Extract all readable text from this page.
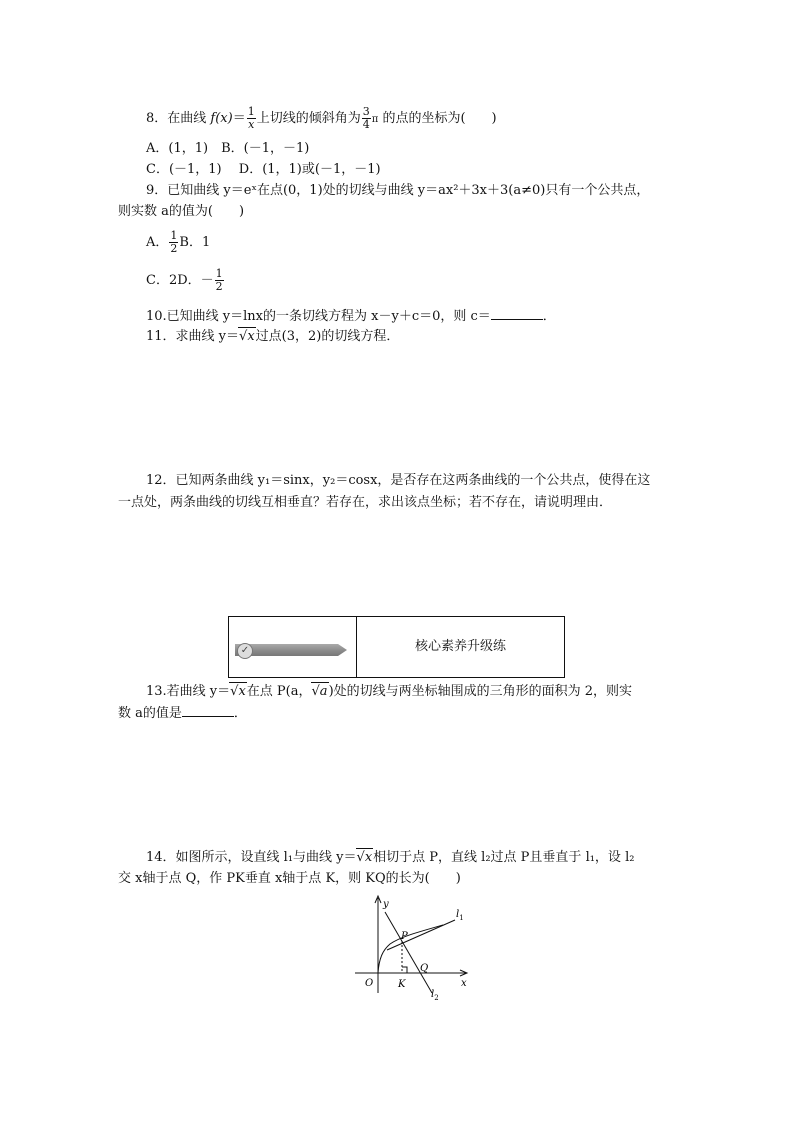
8．在曲线 $f(x)= \frac{1}{x}$ 上切线的倾斜角为 $\frac{3}{4}$ π 的点的坐标为(　　)
A．(1，1)　B．(－1，－1)
C．(－1，1)　 D．(1，1)或(－1，－1)
9．已知曲线 y＝eˣ在点(0，1)处的切线与曲线 y＝ax²＋3x＋3(a≠0)只有一个公共点，
则实数 a的值为(　　)
A． $\frac{1}{2}$ B．1
C．2D．－ $\frac{1}{2}$
10.已知曲线 y＝lnx的一条切线方程为 x－y＋c＝0，则 c＝	．
11．求曲线 y＝√x过点(3，2)的切线方程．
12．已知两条曲线 y₁＝sinx，y₂＝cosx，是否存在这两条曲线的一个公共点，使得在这
一点处，两条曲线的切线互相垂直？若存在，求出该点坐标；若不存在，请说明理由．
✓	核心素养升级练
13.若曲线 y＝√x在点 P(a，√a)处的切线与两坐标轴围成的三角形的面积为 2，则实
数 a的值是	．
14．如图所示，设直线 l₁与曲线 y＝√x相切于点 P，直线 l₂过点 P且垂直于 l₁，设 l₂
交 x轴于点 Q，作 PK垂直 x轴于点 K，则 KQ的长为(　　)
y
x
O
P
K
Q
$l_1$
$l_2$
